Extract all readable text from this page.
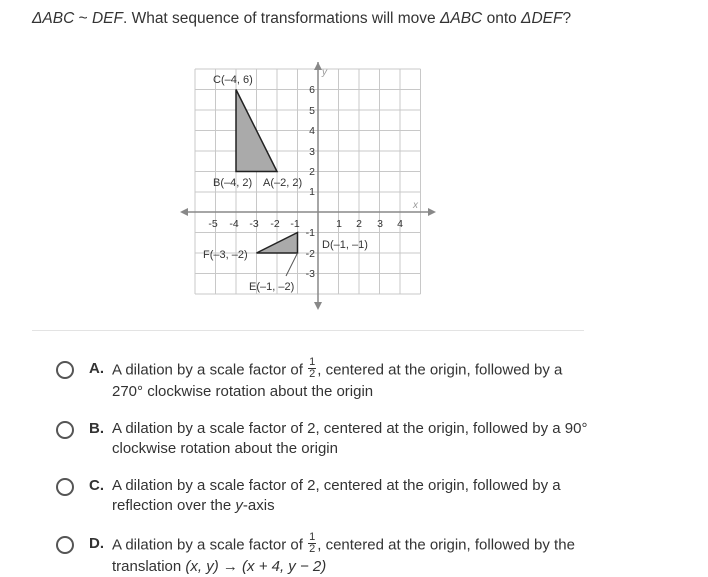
ΔABC ~ DEF. What sequence of transformations will move ΔABC onto ΔDEF?
x
y
-5 -4 -3 -2 -1	1 2 3 4
6
5
4
3
2
1
-1
-2
-3
C(–4, 6)
B(–4, 2) A(–2, 2)
D(–1, –1)
F(–3, –2)
E(–1, –2)
A. A dilation by a scale factor of $\frac{1}{2}$ , centered at the origin, followed by a 270° clockwise rotation about the origin
B. A dilation by a scale factor of 2, centered at the origin, followed by a 90° clockwise rotation about the origin
C. A dilation by a scale factor of 2, centered at the origin, followed by a reflection over the y-axis
D. A dilation by a scale factor of $\frac{1}{2}$ , centered at the origin, followed by the translation (x, y) → (x + 4, y − 2)
